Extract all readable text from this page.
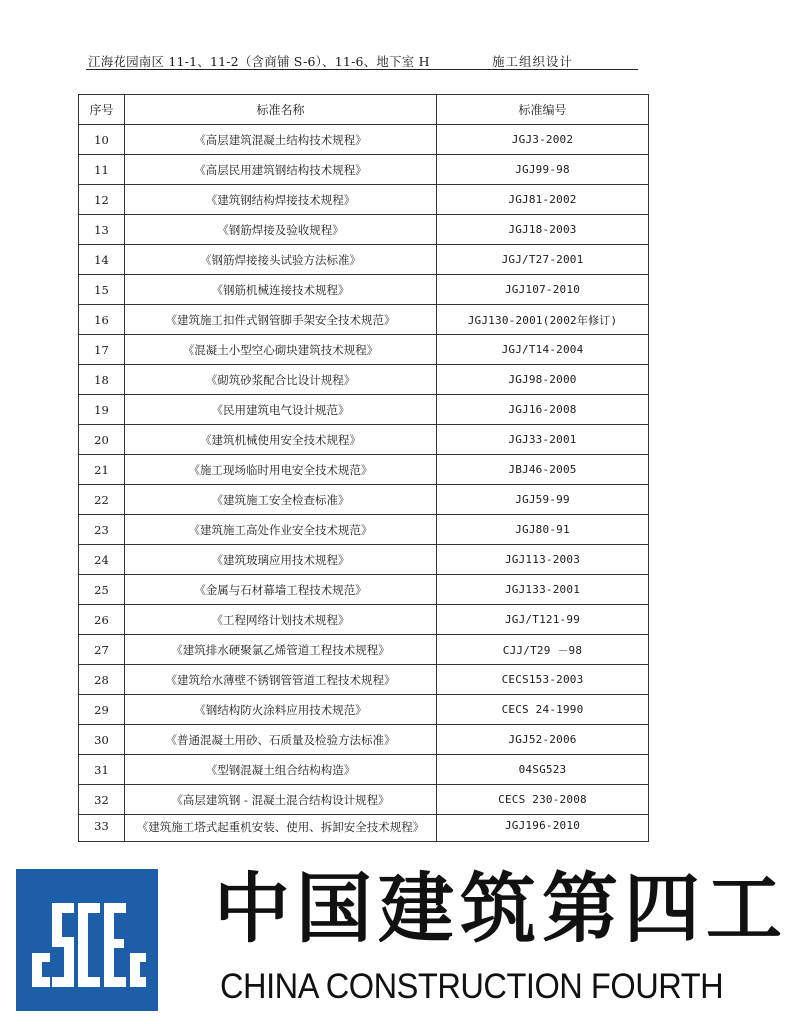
江海花园南区 11-1、11-2（含商铺 S-6）、11-6、地下室 H	施工组织设计
序号	标准名称	标准编号
10	《高层建筑混凝土结构技术规程》	JGJ3-2002
11	《高层民用建筑钢结构技术规程》	JGJ99-98
12	《建筑钢结构焊接技术规程》	JGJ81-2002
13	《钢筋焊接及验收规程》	JGJ18-2003
14	《钢筋焊接接头试验方法标准》	JGJ/T27-2001
15	《钢筋机械连接技术规程》	JGJ107-2010
16	《建筑施工扣件式钢管脚手架安全技术规范》	JGJ130-2001(2002年修订)
17	《混凝土小型空心砌块建筑技术规程》	JGJ/T14-2004
18	《砌筑砂浆配合比设计规程》	JGJ98-2000
19	《民用建筑电气设计规范》	JGJ16-2008
20	《建筑机械使用安全技术规程》	JGJ33-2001
21	《施工现场临时用电安全技术规范》	JBJ46-2005
22	《建筑施工安全检查标准》	JGJ59-99
23	《建筑施工高处作业安全技术规范》	JGJ80-91
24	《建筑玻璃应用技术规程》	JGJ113-2003
25	《金属与石材幕墙工程技术规范》	JGJ133-2001
26	《工程网络计划技术规程》	JGJ/T121-99
27	《建筑排水硬聚氯乙烯管道工程技术规程》	CJJ/T29 －98
28	《建筑给水薄壁不锈钢管管道工程技术规程》	CECS153-2003
29	《钢结构防火涂料应用技术规范》	CECS 24-1990
30	《普通混凝土用砂、石质量及检验方法标准》	JGJ52-2006
31	《型钢混凝土组合结构构造》	04SG523
32	《高层建筑钢 - 混凝土混合结构设计规程》	CECS 230-2008
33	《建筑施工塔式起重机安装、使用、拆卸安全技术规程》	JGJ196-2010
中国建筑第四工
CHINA CONSTRUCTION FOURTH
